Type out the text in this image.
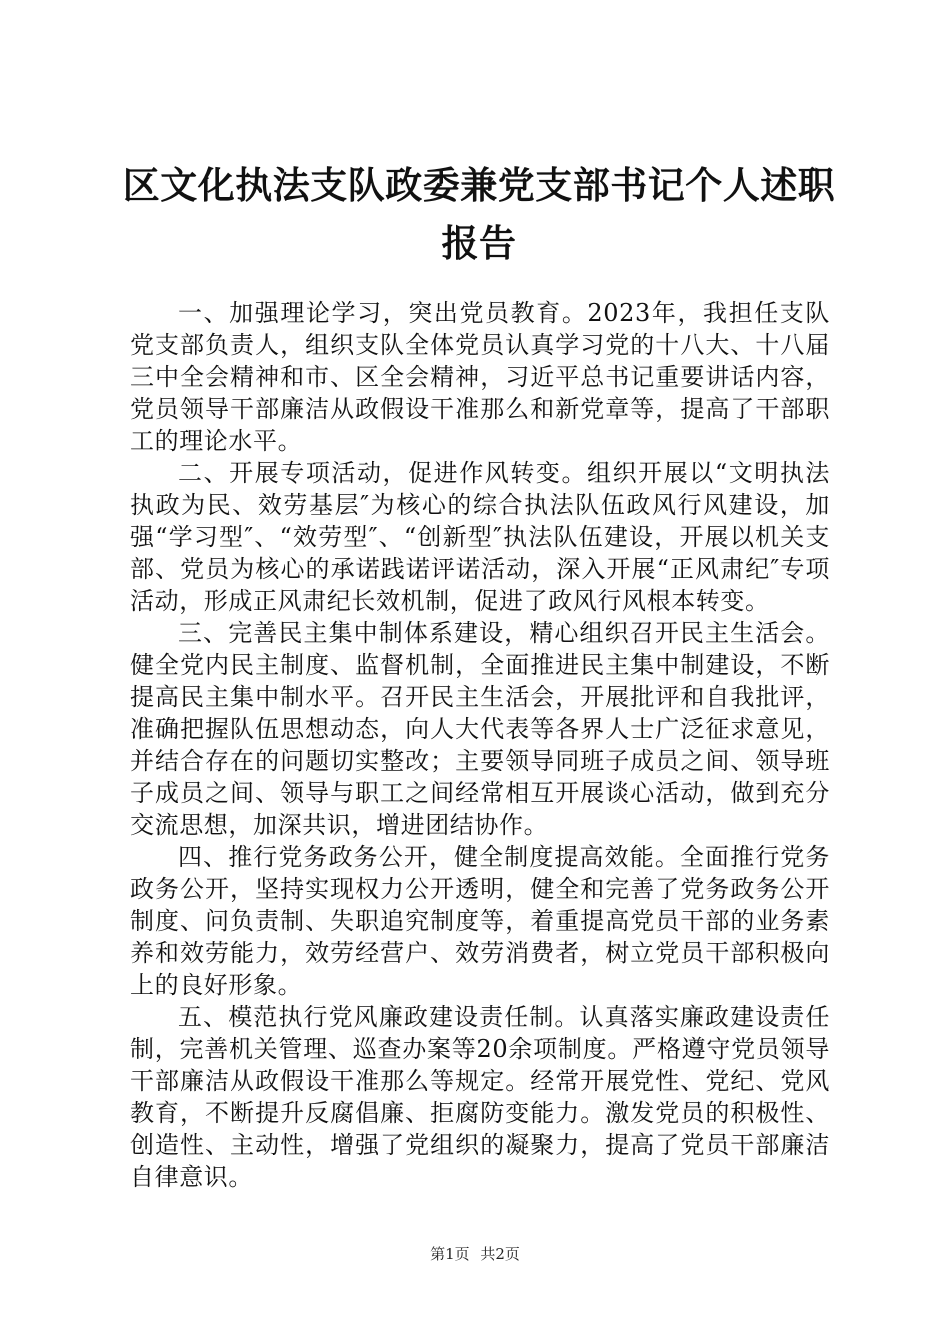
区文化执法支队政委兼党支部书记个人述职报告

一、加强理论学习，突出党员教育。2023年，我担任支队党支部负责人，组织支队全体党员认真学习党的十八大、十八届三中全会精神和市、区全会精神，习近平总书记重要讲话内容，党员领导干部廉洁从政假设干准那么和新党章等，提高了干部职工的理论水平。

二、开展专项活动，促进作风转变。组织开展以“文明执法执政为民、效劳基层″为核心的综合执法队伍政风行风建设，加强“学习型″、“效劳型″、“创新型″执法队伍建设，开展以机关支部、党员为核心的承诺践诺评诺活动，深入开展“正风肃纪″专项活动，形成正风肃纪长效机制，促进了政风行风根本转变。

三、完善民主集中制体系建设，精心组织召开民主生活会。健全党内民主制度、监督机制，全面推进民主集中制建设，不断提高民主集中制水平。召开民主生活会，开展批评和自我批评，准确把握队伍思想动态，向人大代表等各界人士广泛征求意见，并结合存在的问题切实整改；主要领导同班子成员之间、领导班子成员之间、领导与职工之间经常相互开展谈心活动，做到充分交流思想，加深共识，增进团结协作。

四、推行党务政务公开，健全制度提高效能。全面推行党务政务公开，坚持实现权力公开透明，健全和完善了党务政务公开制度、问负责制、失职追究制度等，着重提高党员干部的业务素养和效劳能力，效劳经营户、效劳消费者，树立党员干部积极向上的良好形象。

五、模范执行党风廉政建设责任制。认真落实廉政建设责任制，完善机关管理、巡查办案等20余项制度。严格遵守党员领导干部廉洁从政假设干准那么等规定。经常开展党性、党纪、党风教育，不断提升反腐倡廉、拒腐防变能力。激发党员的积极性、创造性、主动性，增强了党组织的凝聚力，提高了党员干部廉洁自律意识。

第1页 共2页
